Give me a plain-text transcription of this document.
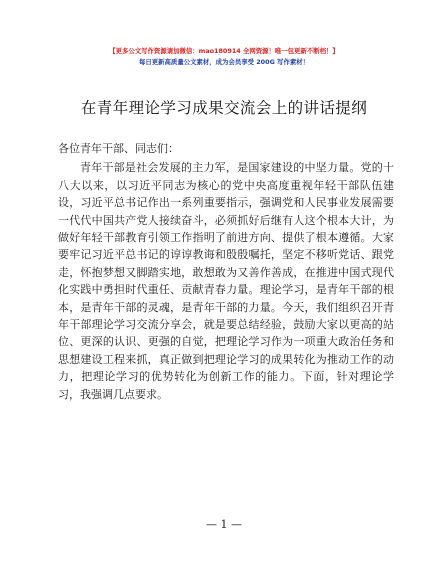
【更多公文写作资源请加微信：mao180914 全网资源！唯一包更新不断档！】
每日更新高质量公文素材，成为会员享受 200G 写作素材！
在青年理论学习成果交流会上的讲话提纲

各位青年干部、同志们：

青年干部是社会发展的主力军，是国家建设的中坚力量。党的十八大以来，以习近平同志为核心的党中央高度重视年轻干部队伍建设，习近平总书记作出一系列重要指示，强调党和人民事业发展需要一代代中国共产党人接续奋斗，必须抓好后继有人这个根本大计，为做好年轻干部教育引领工作指明了前进方向、提供了根本遵循。大家要牢记习近平总书记的谆谆教诲和殷殷嘱托，坚定不移听党话、跟党走，怀抱梦想又脚踏实地，敢想敢为又善作善成，在推进中国式现代化实践中勇担时代重任、贡献青春力量。理论学习，是青年干部的根本，是青年干部的灵魂，是青年干部的力量。今天，我们组织召开青年干部理论学习交流分享会，就是要总结经验，鼓励大家以更高的站位、更深的认识、更强的自觉，把理论学习作为一项重大政治任务和思想建设工程来抓，真正做到把理论学习的成果转化为推动工作的动力，把理论学习的优势转化为创新工作的能力。下面，针对理论学习，我强调几点要求。

— 1 —
